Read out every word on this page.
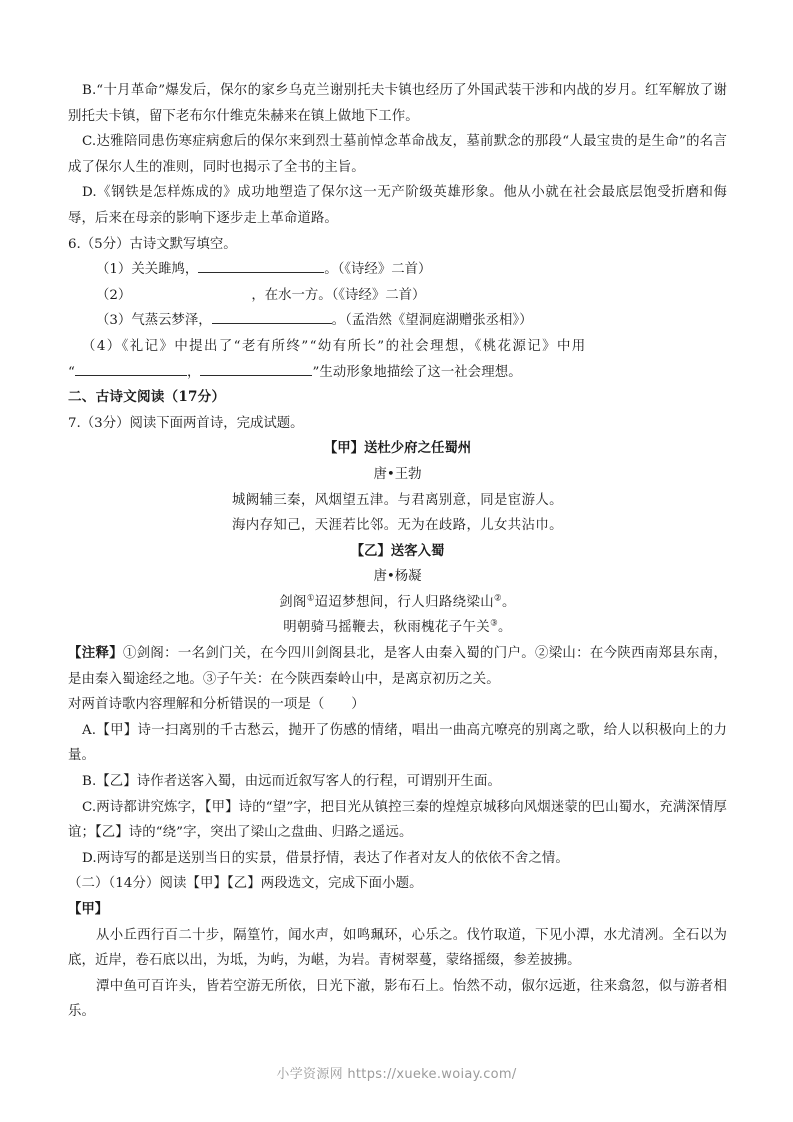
B.“十月革命”爆发后，保尔的家乡乌克兰谢别托夫卡镇也经历了外国武装干涉和内战的岁月。红军解放了谢别托夫卡镇，留下老布尔什维克朱赫来在镇上做地下工作。

C.达雅陪同患伤寒症病愈后的保尔来到烈士墓前悼念革命战友，墓前默念的那段“人最宝贵的是生命”的名言成了保尔人生的准则，同时也揭示了全书的主旨。

D.《钢铁是怎样炼成的》成功地塑造了保尔这一无产阶级英雄形象。他从小就在社会最底层饱受折磨和侮辱，后来在母亲的影响下逐步走上革命道路。

6.（5分）古诗文默写填空。

（1）关关雎鸠，	。（《诗经》二首）

（2）	，在水一方。（《诗经》二首）

（3）气蒸云梦泽，	。（孟浩然《望洞庭湖赠张丞相》）

（4）《礼记》中提出了“老有所终”“幼有所长”的社会理想，《桃花源记》中用

“	，	”生动形象地描绘了这一社会理想。

二、古诗文阅读（17分）

7.（3分）阅读下面两首诗，完成试题。

【甲】送杜少府之任蜀州

唐•王勃

城阙辅三秦，风烟望五津。与君离别意，同是宦游人。

海内存知己，天涯若比邻。无为在歧路，儿女共沾巾。

【乙】送客入蜀

唐•杨凝

剑阁①迢迢梦想间，行人归路绕梁山②。

明朝骑马摇鞭去，秋雨槐花子午关③。

【注释】①剑阁：一名剑门关，在今四川剑阁县北，是客人由秦入蜀的门户。②梁山：在今陕西南郑县东南，是由秦入蜀途经之地。③子午关：在今陕西秦岭山中，是离京初历之关。

对两首诗歌内容理解和分析错误的一项是（　　）

A.【甲】诗一扫离别的千古愁云，抛开了伤感的情绪，唱出一曲高亢嘹亮的别离之歌，给人以积极向上的力量。

B.【乙】诗作者送客入蜀，由远而近叙写客人的行程，可谓别开生面。

C.两诗都讲究炼字，【甲】诗的“望”字，把目光从镇控三秦的煌煌京城移向风烟迷蒙的巴山蜀水，充满深情厚谊；【乙】诗的“绕”字，突出了梁山之盘曲、归路之遥远。

D.两诗写的都是送别当日的实景，借景抒情，表达了作者对友人的依依不舍之情。

（二）（14分）阅读【甲】【乙】两段选文，完成下面小题。

【甲】

从小丘西行百二十步，隔篁竹，闻水声，如鸣珮环，心乐之。伐竹取道，下见小潭，水尤清冽。全石以为底，近岸，卷石底以出，为坻，为屿，为嵁，为岩。青树翠蔓，蒙络摇缀，参差披拂。

潭中鱼可百许头，皆若空游无所依，日光下澈，影布石上。怡然不动，俶尔远逝，往来翕忽，似与游者相乐。

小学资源网 https://xueke.woiay.com/
